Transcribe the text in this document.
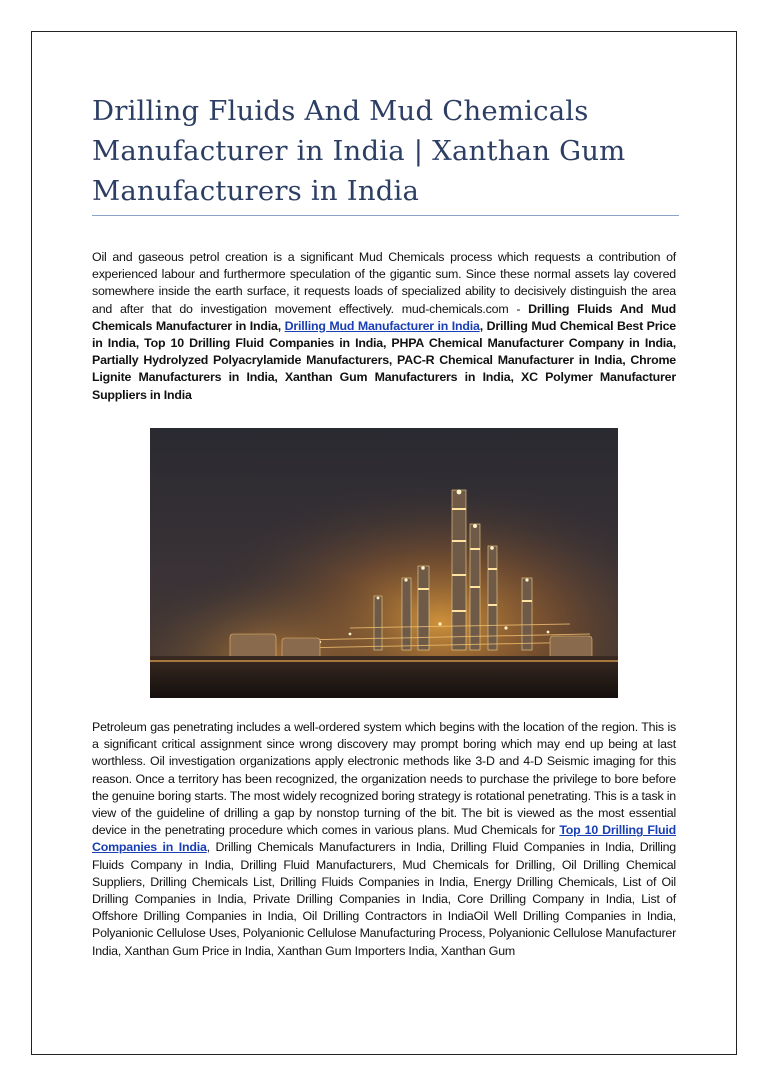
Drilling Fluids And Mud Chemicals Manufacturer in India | Xanthan Gum Manufacturers in India

Oil and gaseous petrol creation is a significant Mud Chemicals process which requests a contribution of experienced labour and furthermore speculation of the gigantic sum. Since these normal assets lay covered somewhere inside the earth surface, it requests loads of specialized ability to decisively distinguish the area and after that do investigation movement effectively. mud-chemicals.com - Drilling Fluids And Mud Chemicals Manufacturer in India, Drilling Mud Manufacturer in India, Drilling Mud Chemical Best Price in India, Top 10 Drilling Fluid Companies in India, PHPA Chemical Manufacturer Company in India, Partially Hydrolyzed Polyacrylamide Manufacturers, PAC-R Chemical Manufacturer in India, Chrome Lignite Manufacturers in India, Xanthan Gum Manufacturers in India, XC Polymer Manufacturer Suppliers in India

Petroleum gas penetrating includes a well-ordered system which begins with the location of the region. This is a significant critical assignment since wrong discovery may prompt boring which may end up being at last worthless. Oil investigation organizations apply electronic methods like 3-D and 4-D Seismic imaging for this reason. Once a territory has been recognized, the organization needs to purchase the privilege to bore before the genuine boring starts. The most widely recognized boring strategy is rotational penetrating. This is a task in view of the guideline of drilling a gap by nonstop turning of the bit. The bit is viewed as the most essential device in the penetrating procedure which comes in various plans. Mud Chemicals for Top 10 Drilling Fluid Companies in India, Drilling Chemicals Manufacturers in India, Drilling Fluid Companies in India, Drilling Fluids Company in India, Drilling Fluid Manufacturers, Mud Chemicals for Drilling, Oil Drilling Chemical Suppliers, Drilling Chemicals List, Drilling Fluids Companies in India, Energy Drilling Chemicals, List of Oil Drilling Companies in India, Private Drilling Companies in India, Core Drilling Company in India, List of Offshore Drilling Companies in India, Oil Drilling Contractors in IndiaOil Well Drilling Companies in India, Polyanionic Cellulose Uses, Polyanionic Cellulose Manufacturing Process, Polyanionic Cellulose Manufacturer India, Xanthan Gum Price in India, Xanthan Gum Importers India, Xanthan Gum
